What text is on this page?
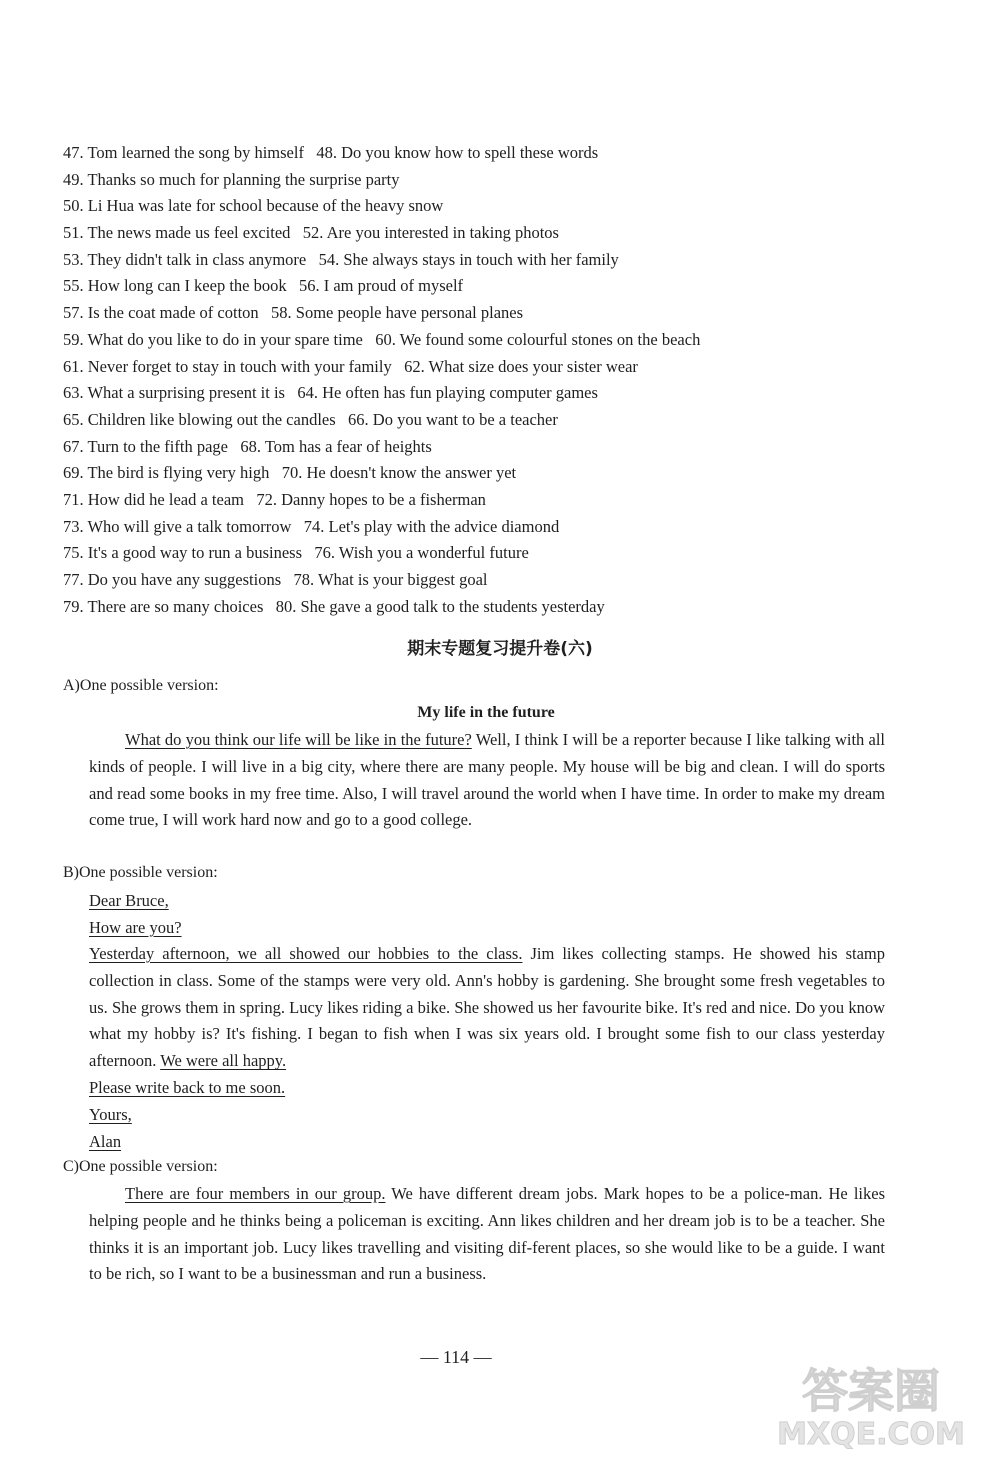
47. Tom learned the song by himself   48. Do you know how to spell these words
49. Thanks so much for planning the surprise party
50. Li Hua was late for school because of the heavy snow
51. The news made us feel excited   52. Are you interested in taking photos
53. They didn't talk in class anymore   54. She always stays in touch with her family
55. How long can I keep the book   56. I am proud of myself
57. Is the coat made of cotton   58. Some people have personal planes
59. What do you like to do in your spare time   60. We found some colourful stones on the beach
61. Never forget to stay in touch with your family   62. What size does your sister wear
63. What a surprising present it is   64. He often has fun playing computer games
65. Children like blowing out the candles   66. Do you want to be a teacher
67. Turn to the fifth page   68. Tom has a fear of heights
69. The bird is flying very high   70. He doesn't know the answer yet
71. How did he lead a team   72. Danny hopes to be a fisherman
73. Who will give a talk tomorrow   74. Let's play with the advice diamond
75. It's a good way to run a business   76. Wish you a wonderful future
77. Do you have any suggestions   78. What is your biggest goal
79. There are so many choices   80. She gave a good talk to the students yesterday
期末专题复习提升卷(六)
A)One possible version:
My life in the future

What do you think our life will be like in the future? Well, I think I will be a reporter because I like talking with all kinds of people. I will live in a big city, where there are many people. My house will be big and clean. I will do sports and read some books in my free time. Also, I will travel around the world when I have time. In order to make my dream come true, I will work hard now and go to a good college.

B)One possible version:
Dear Bruce,
How are you?

Yesterday afternoon, we all showed our hobbies to the class. Jim likes collecting stamps. He showed his stamp collection in class. Some of the stamps were very old. Ann's hobby is gardening. She brought some fresh vegetables to us. She grows them in spring. Lucy likes riding a bike. She showed us her favourite bike. It's red and nice. Do you know what my hobby is? It's fishing. I began to fish when I was six years old. I brought some fish to our class yesterday afternoon. We were all happy.

Please write back to me soon.
Yours,
Alan
C)One possible version:

There are four members in our group. We have different dream jobs. Mark hopes to be a police-man. He likes helping people and he thinks being a policeman is exciting. Ann likes children and her dream job is to be a teacher. She thinks it is an important job. Lucy likes travelling and visiting dif-ferent places, so she would like to be a guide. I want to be rich, so I want to be a businessman and run a business.

— 114 —
答案圈
MXQE.COM
